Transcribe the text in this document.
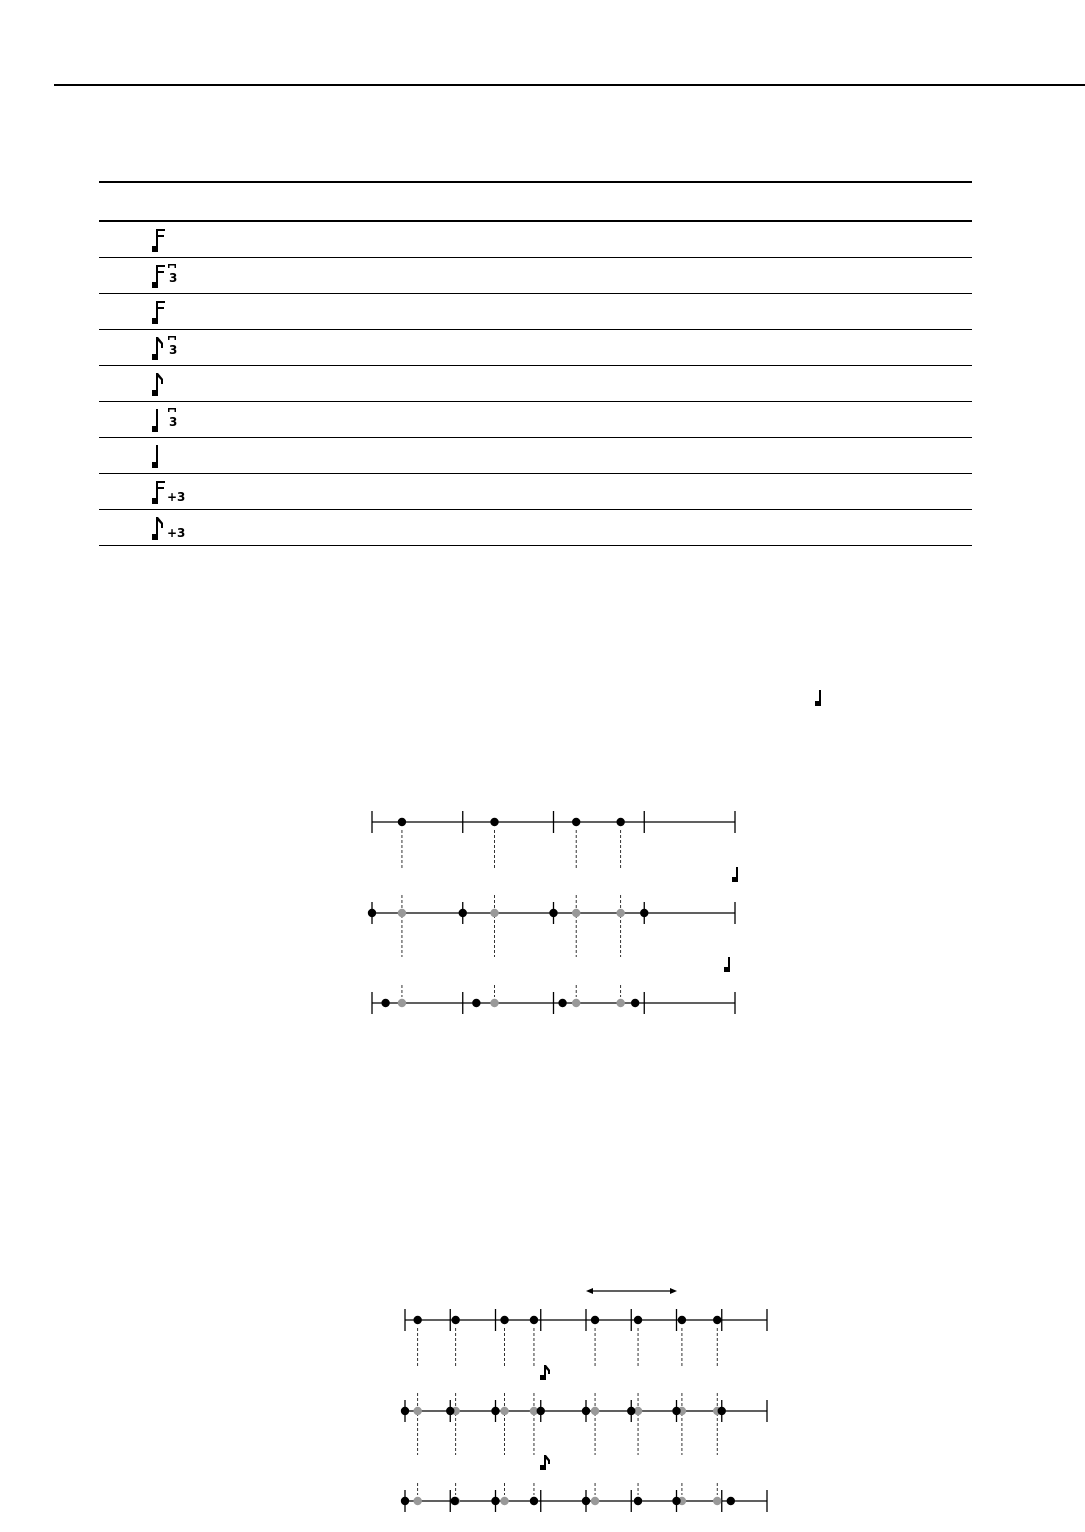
3
3
3
+3
+3
